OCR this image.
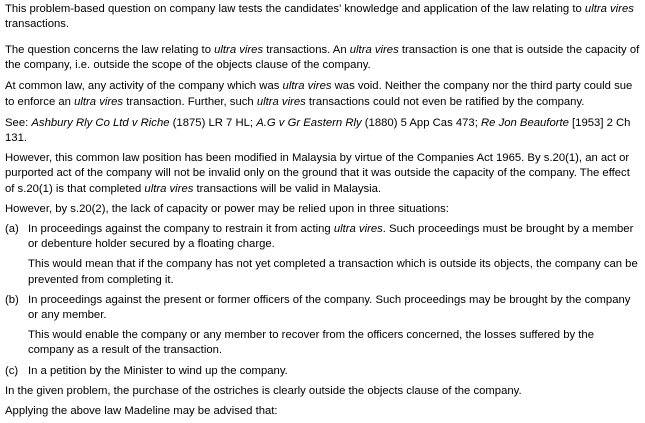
This problem-based question on company law tests the candidates' knowledge and application of the law relating to ultra vires transactions.

The question concerns the law relating to ultra vires transactions. An ultra vires transaction is one that is outside the capacity of the company, i.e. outside the scope of the objects clause of the company.

At common law, any activity of the company which was ultra vires was void. Neither the company nor the third party could sue to enforce an ultra vires transaction. Further, such ultra vires transactions could not even be ratified by the company.

See: Ashbury Rly Co Ltd v Riche (1875) LR 7 HL; A.G v Gr Eastern Rly (1880) 5 App Cas 473; Re Jon Beauforte [1953] 2 Ch 131.

However, this common law position has been modified in Malaysia by virtue of the Companies Act 1965. By s.20(1), an act or purported act of the company will not be invalid only on the ground that it was outside the capacity of the company. The effect of s.20(1) is that completed ultra vires transactions will be valid in Malaysia.

However, by s.20(2), the lack of capacity or power may be relied upon in three situations:

(a) In proceedings against the company to restrain it from acting ultra vires. Such proceedings must be brought by a member or debenture holder secured by a floating charge.

This would mean that if the company has not yet completed a transaction which is outside its objects, the company can be prevented from completing it.

(b) In proceedings against the present or former officers of the company. Such proceedings may be brought by the company or any member.

This would enable the company or any member to recover from the officers concerned, the losses suffered by the company as a result of the transaction.

(c) In a petition by the Minister to wind up the company.

In the given problem, the purchase of the ostriches is clearly outside the objects clause of the company.

Applying the above law Madeline may be advised that:
